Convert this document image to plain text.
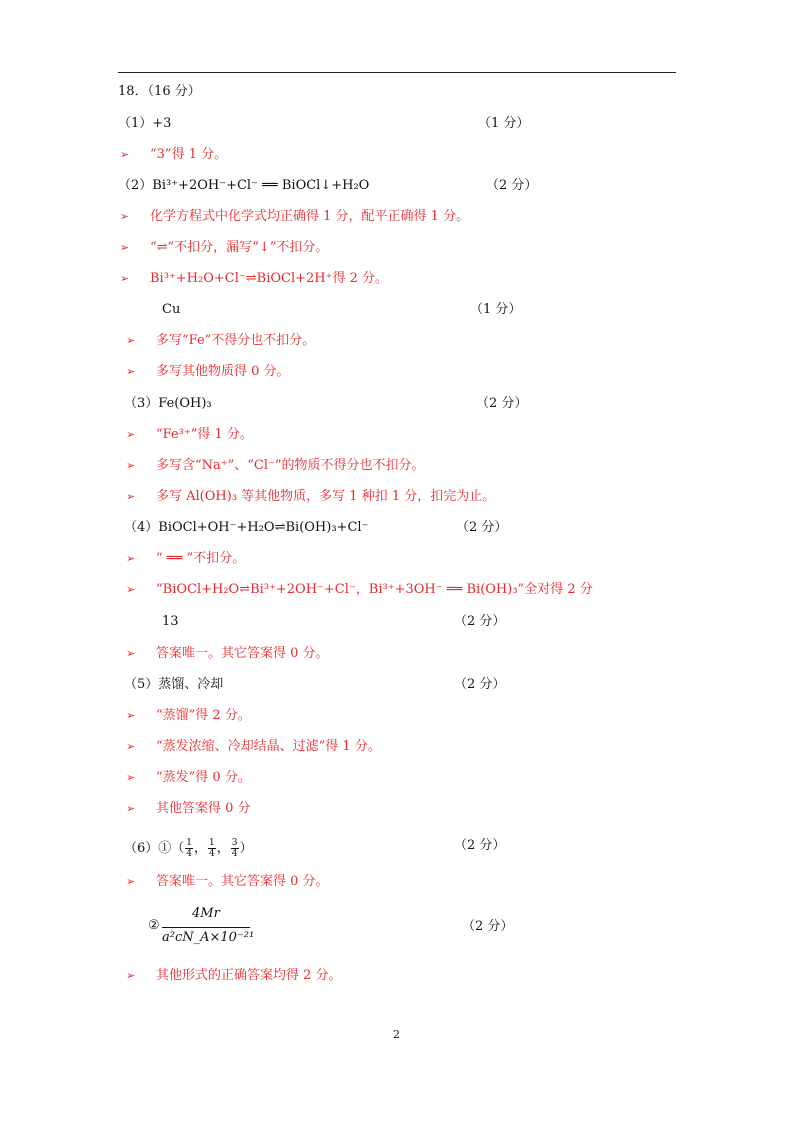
18．（16 分）
（1）+3	（1 分）
➢ “3”得 1 分。
（2）Bi³⁺+2OH⁻+Cl⁻ ══ BiOCl↓+H₂O	（2 分）
➢ 化学方程式中化学式均正确得 1 分，配平正确得 1 分。
➢ “⇌”不扣分，漏写“↓”不扣分。
➢ Bi³⁺+H₂O+Cl⁻⇌BiOCl+2H⁺得 2 分。
Cu	（1 分）
➢ 多写“Fe”不得分也不扣分。
➢ 多写其他物质得 0 分。
（3）Fe(OH)₃	（2 分）
➢ “Fe³⁺”得 1 分。
➢ 多写含“Na⁺”、“Cl⁻”的物质不得分也不扣分。
➢ 多写 Al(OH)₃ 等其他物质，多写 1 种扣 1 分，扣完为止。
（4）BiOCl+OH⁻+H₂O⇌Bi(OH)₃+Cl⁻	（2 分）
➢ “ ══ ”不扣分。
➢ “BiOCl+H₂O⇌Bi³⁺+2OH⁻+Cl⁻，Bi³⁺+3OH⁻ ══ Bi(OH)₃”全对得 2 分
13	（2 分）
➢ 答案唯一。其它答案得 0 分。
（5）蒸馏、冷却	（2 分）
➢ “蒸馏”得 2 分。
➢ “蒸发浓缩、冷却结晶、过滤”得 1 分。
➢ “蒸发”得 0 分。
➢ 其他答案得 0 分
（6）①（ $\frac{1}{4}$ ， $\frac{1}{4}$ ， $\frac{3}{4}$ ）	（2 分）
➢ 答案唯一。其它答案得 0 分。
②
4Mr
a²cN_A×10⁻²¹
（2 分）
➢ 其他形式的正确答案均得 2 分。
2
